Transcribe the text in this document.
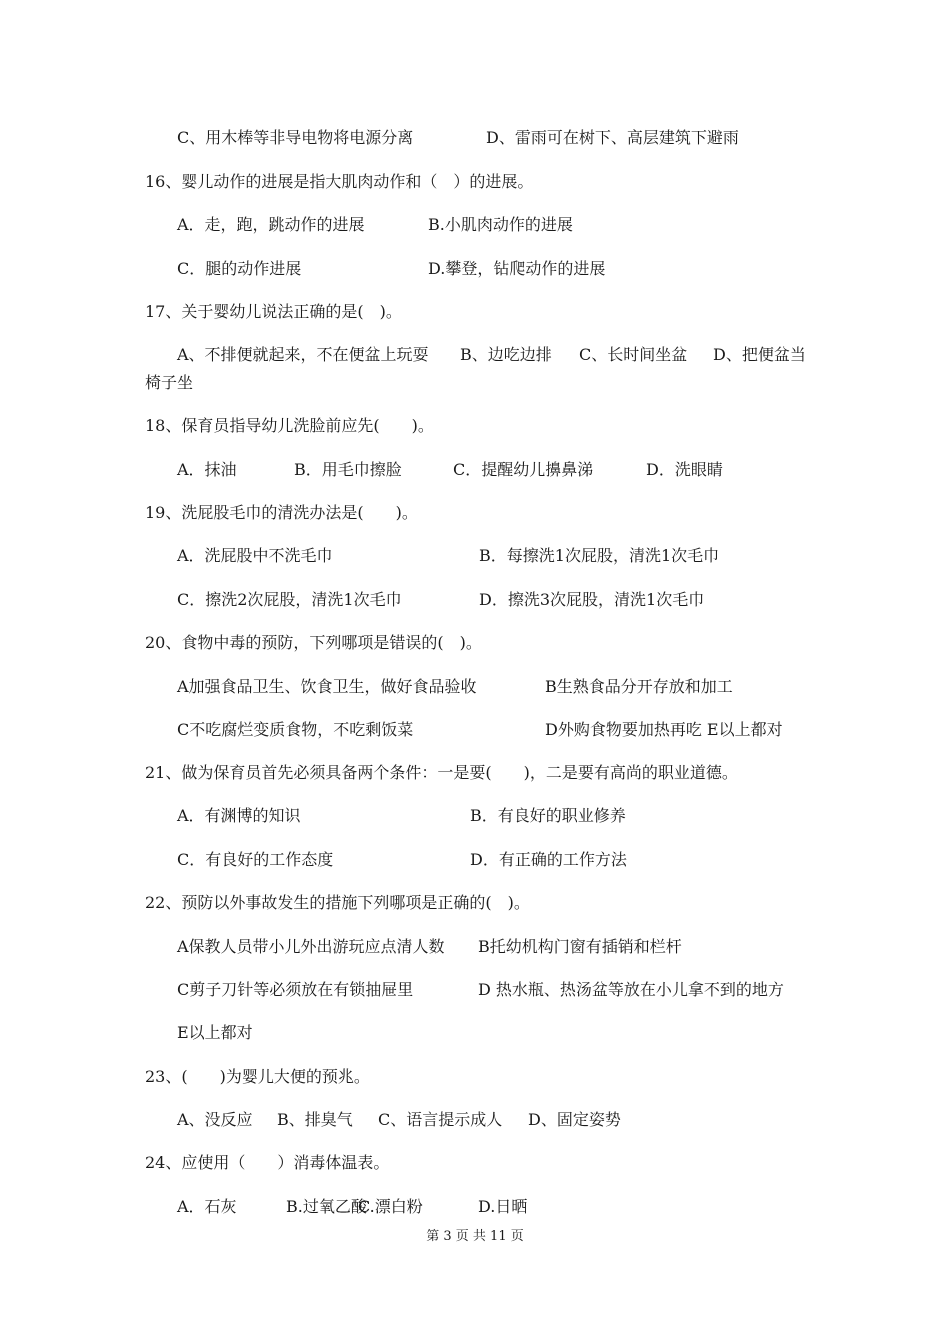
C、用木棒等非导电物将电源分离	D、雷雨可在树下、高层建筑下避雨
16、婴儿动作的进展是指大肌肉动作和（　）的进展。
A．走，跑，跳动作的进展	B.小肌肉动作的进展
C．腿的动作进展	D.攀登，钻爬动作的进展
17、关于婴幼儿说法正确的是(　)。
A、不排便就起来，不在便盆上玩耍 B、边吃边排 C、长时间坐盆 D、把便盆当
椅子坐
18、保育员指导幼儿洗脸前应先(　　)。
A．抹油	B．用毛巾擦脸	C．提醒幼儿擤鼻涕	D．洗眼睛
19、洗屁股毛巾的清洗办法是(　　)。
A．洗屁股中不洗毛巾	B．每擦洗1次屁股，清洗1次毛巾
C．擦洗2次屁股，清洗1次毛巾	D．擦洗3次屁股，清洗1次毛巾
20、食物中毒的预防，下列哪项是错误的(　)。
A加强食品卫生、饮食卫生，做好食品验收	B生熟食品分开存放和加工
C不吃腐烂变质食物，不吃剩饭菜	D外购食物要加热再吃 E以上都对
21、做为保育员首先必须具备两个条件：一是要(　　)，二是要有高尚的职业道德。
A．有渊博的知识	B．有良好的职业修养
C．有良好的工作态度	D．有正确的工作方法
22、预防以外事故发生的措施下列哪项是正确的(　)。
A保教人员带小儿外出游玩应点清人数 B托幼机构门窗有插销和栏杆
C剪子刀针等必须放在有锁抽屉里	D 热水瓶、热汤盆等放在小儿拿不到的地方
E以上都对
23、(　　)为婴儿大便的预兆。
A、没反应 B、排臭气 C、语言提示成人 D、固定姿势
24、应使用（　　）消毒体温表。
A．石灰	B.过氧乙酸
C.漂白粉	D.日晒
第 3 页 共 11 页
